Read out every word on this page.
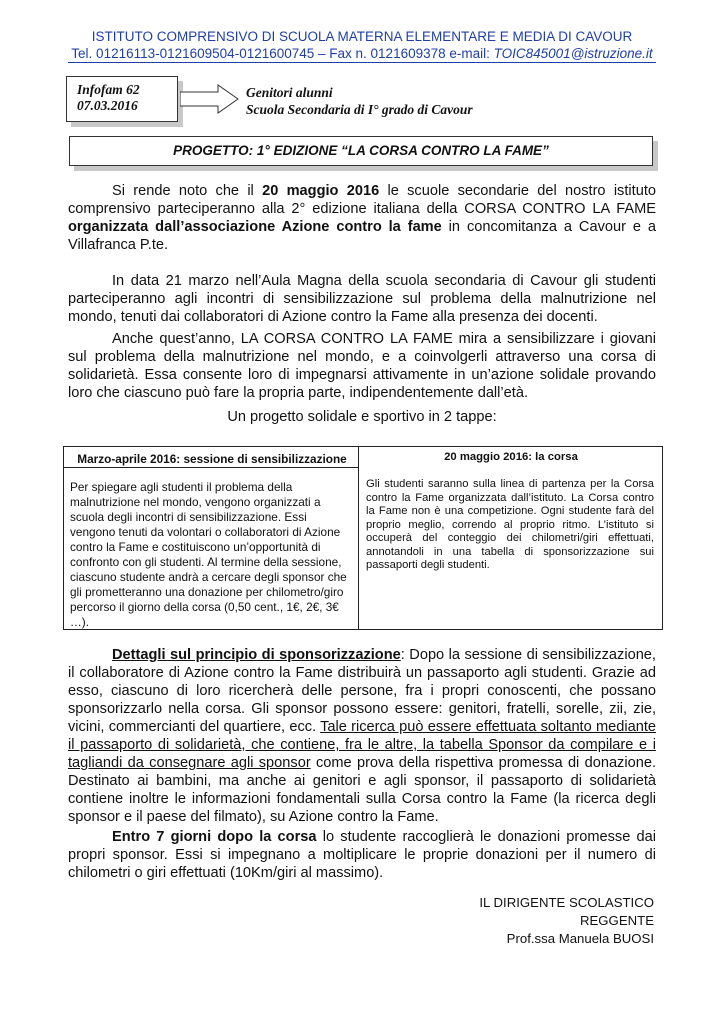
ISTITUTO COMPRENSIVO DI SCUOLA MATERNA ELEMENTARE E MEDIA DI CAVOUR
Tel. 01216113-0121609504-0121600745 – Fax n. 0121609378 e-mail: TOIC845001@istruzione.it
Infofam 62
07.03.2016
Genitori alunni
Scuola Secondaria di I° grado di Cavour
PROGETTO: 1° EDIZIONE “LA CORSA CONTRO LA FAME”
Si rende noto che il 20 maggio 2016 le scuole secondarie del nostro istituto comprensivo parteciperanno alla 2° edizione italiana della CORSA CONTRO LA FAME organizzata dall’associazione Azione contro la fame in concomitanza a Cavour e a Villafranca P.te.
In data 21 marzo nell’Aula Magna della scuola secondaria di Cavour gli studenti parteciperanno agli incontri di sensibilizzazione sul problema della malnutrizione nel mondo, tenuti dai collaboratori di Azione contro la Fame alla presenza dei docenti.
Anche quest’anno, LA CORSA CONTRO LA FAME mira a sensibilizzare i giovani sul problema della malnutrizione nel mondo, e a coinvolgerli attraverso una corsa di solidarietà. Essa consente loro di impegnarsi attivamente in un’azione solidale provando loro che ciascuno può fare la propria parte, indipendentemente dall’età.
Un progetto solidale e sportivo in 2 tappe:
Marzo-aprile 2016: sessione di sensibilizzazione
Per spiegare agli studenti il problema della malnutrizione nel mondo, vengono organizzati a scuola degli incontri di sensibilizzazione. Essi vengono tenuti da volontari o collaboratori di Azione contro la Fame e costituiscono un’opportunità di confronto con gli studenti. Al termine della sessione, ciascuno studente andrà a cercare degli sponsor che gli prometteranno una donazione per chilometro/giro percorso il giorno della corsa (0,50 cent., 1€, 2€, 3€ …).
20 maggio 2016: la corsa
Gli studenti saranno sulla linea di partenza per la Corsa contro la Fame organizzata dall’istituto. La Corsa contro la Fame non è una competizione. Ogni studente farà del proprio meglio, correndo al proprio ritmo. L’istituto si occuperà del conteggio dei chilometri/giri effettuati, annotandoli in una tabella di sponsorizzazione sui passaporti degli studenti.
Dettagli sul principio di sponsorizzazione: Dopo la sessione di sensibilizzazione, il collaboratore di Azione contro la Fame distribuirà un passaporto agli studenti. Grazie ad esso, ciascuno di loro ricercherà delle persone, fra i propri conoscenti, che possano sponsorizzarlo nella corsa. Gli sponsor possono essere: genitori, fratelli, sorelle, zii, zie, vicini, commercianti del quartiere, ecc. Tale ricerca può essere effettuata soltanto mediante il passaporto di solidarietà, che contiene, fra le altre, la tabella Sponsor da compilare e i tagliandi da consegnare agli sponsor come prova della rispettiva promessa di donazione. Destinato ai bambini, ma anche ai genitori e agli sponsor, il passaporto di solidarietà contiene inoltre le informazioni fondamentali sulla Corsa contro la Fame (la ricerca degli sponsor e il paese del filmato), su Azione contro la Fame.
Entro 7 giorni dopo la corsa lo studente raccoglierà le donazioni promesse dai propri sponsor. Essi si impegnano a moltiplicare le proprie donazioni per il numero di chilometri o giri effettuati (10Km/giri al massimo).
IL DIRIGENTE SCOLASTICO REGGENTE
Prof.ssa Manuela BUOSI
